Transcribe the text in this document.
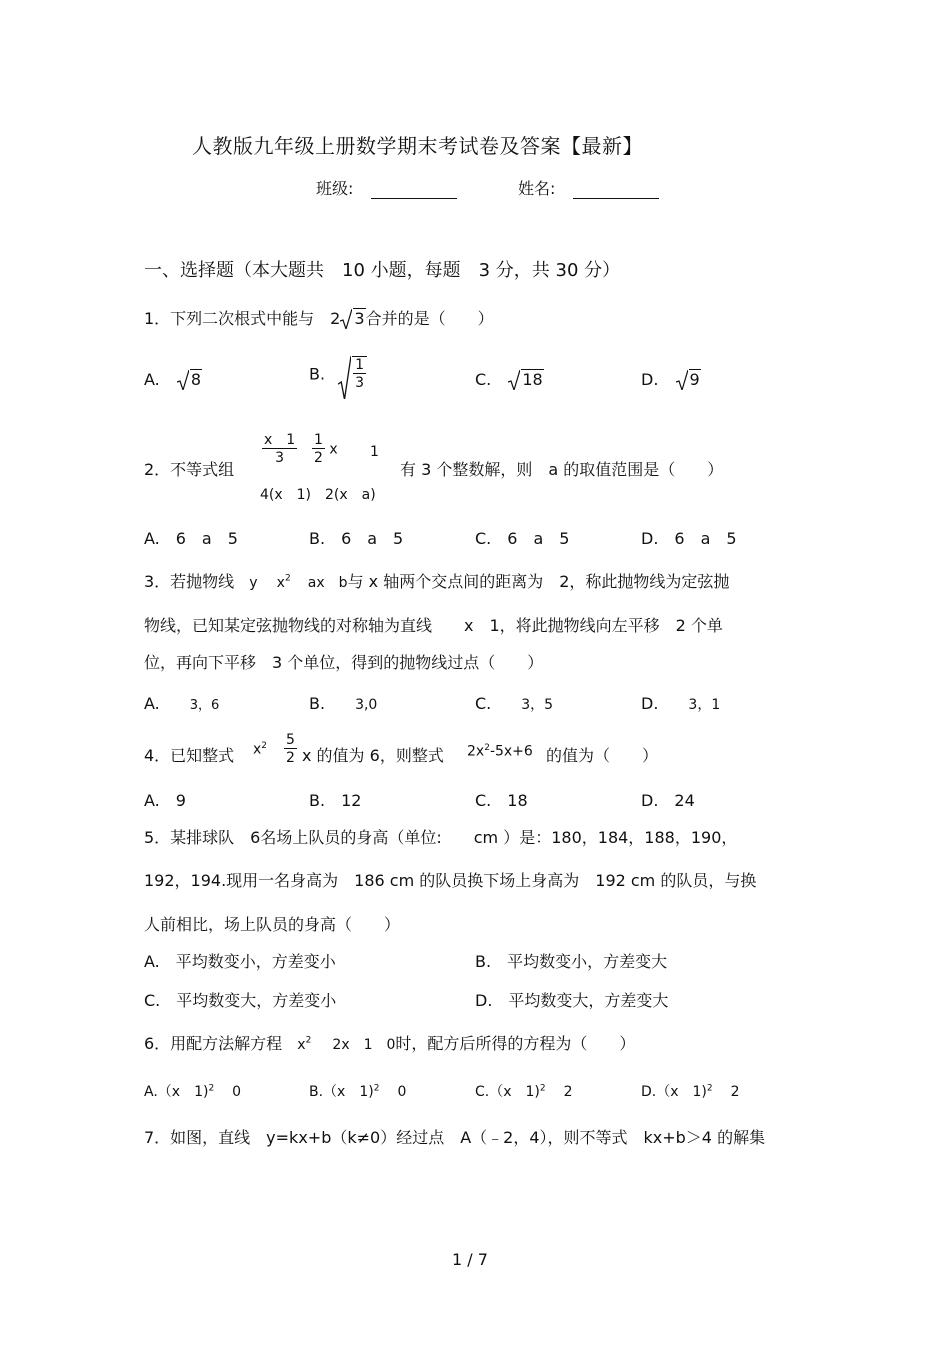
人教版九年级上册数学期末考试卷及答案【最新】
班级:	姓名:
一、选择题（本大题共　10 小题，每题　3 分，共 30 分）
1．下列二次根式中能与　2 3合并的是（　　）
A. 8	B. $\frac{1}{3}$	C. 18	D. 9
2．不等式组
$\frac{x 1}{3} \frac{1}{2}$ x 1
4(x　1)　2(x　a)
有 3 个整数解，则　a 的取值范围是（　　）
A.　6　a　5	B.　6　a　5	C.　6　a　5	D.　6　a　5
3．若抛物线 y $x^2$ ax　b与 x 轴两个交点间的距离为　2，称此抛物线为定弦抛
物线，已知某定弦抛物线的对称轴为直线　　x　1，将此抛物线向左平移　2 个单
位，再向下平移　3 个单位，得到的抛物线过点（　　）
A. 3，6	B. 3,0	C. 3，5	D. 3，1
4．已知整式 $x^2 \frac{5}{2}$ x 的值为 6，则整式 $2x^2-5x+6$ 的值为（　　）
A.　9	B.　12	C.　18	D.　24
5．某排球队　6名场上队员的身高（单位:　　cm ）是：180，184，188，190，
192，194.现用一名身高为　186 cm 的队员换下场上身高为　192 cm 的队员，与换
人前相比，场上队员的身高（　　）
A.　平均数变小，方差变小	B.　平均数变小，方差变大
C.　平均数变大，方差变小	D.　平均数变大，方差变大
6．用配方法解方程 $x^2$ 2x　1　0时，配方后所得的方程为（　　）
A.（x　1)$^2$ 0	B.（x　1)$^2$ 0	C.（x　1)$^2$ 2	D.（x　1)$^2$ 2
7．如图，直线　y=kx+b（k≠0）经过点　A（﹣2，4），则不等式　kx+b＞4 的解集
1 / 7
